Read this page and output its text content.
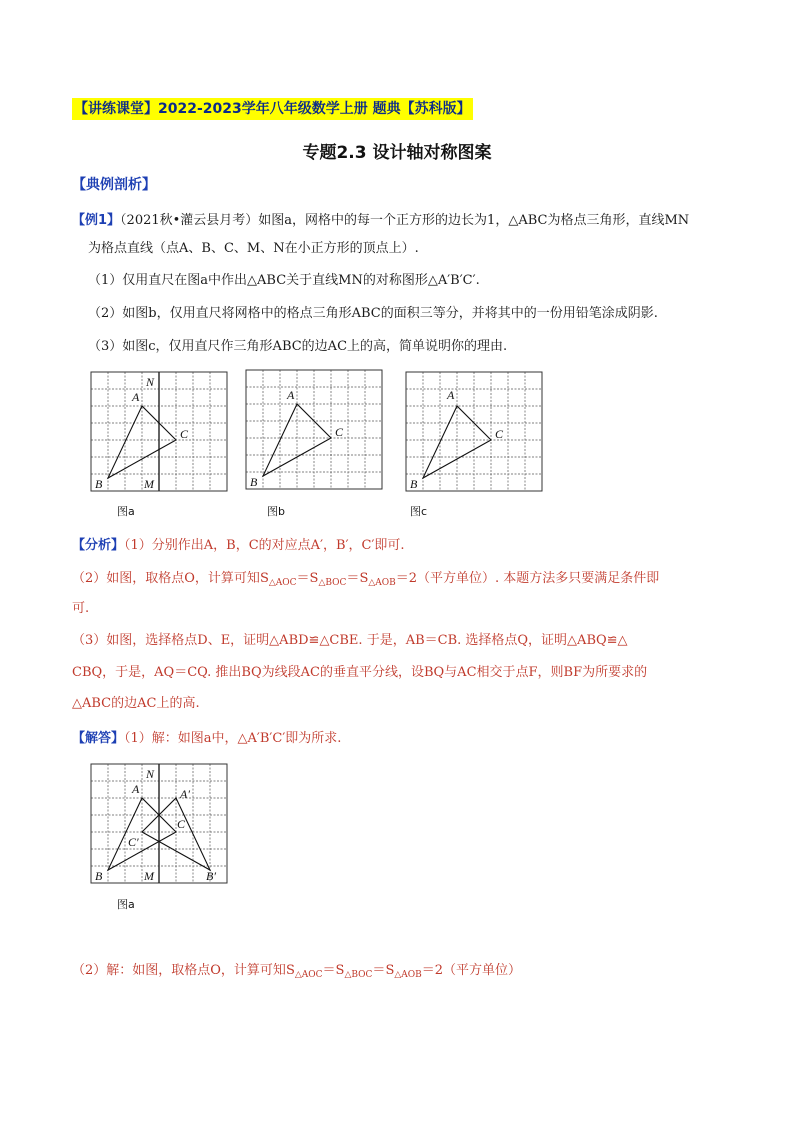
【讲练课堂】2022-2023学年八年级数学上册 题典【苏科版】
专题2.3 设计轴对称图案
【典例剖析】
【例1】（2021秋•灌云县月考）如图a，网格中的每一个正方形的边长为1，△ABC为格点三角形，直线MN
为格点直线（点A、B、C、M、N在小正方形的顶点上）.
（1）仅用直尺在图a中作出△ABC关于直线MN的对称图形△A′B′C′.
（2）如图b，仅用直尺将网格中的格点三角形ABC的面积三等分，并将其中的一份用铅笔涂成阴影.
（3）如图c，仅用直尺作三角形ABC的边AC上的高，简单说明你的理由.
A
N
C
B	M
图a
A
C
B
图b
A
C
B
图c
【分析】（1）分别作出A，B，C的对应点A′，B′，C′即可.
（2）如图，取格点O，计算可知$S_{\triangle AOC}=S_{\triangle BOC}=S_{\triangle AOB}=2$（平方单位）. 本题方法多只要满足条件即
可.
（3）如图，选择格点D、E，证明△ABD≌△CBE. 于是，AB＝CB. 选择格点Q，证明△ABQ≌△
CBQ，于是，AQ＝CQ. 推出BQ为线段AC的垂直平分线，设BQ与AC相交于点F，则BF为所要求的
△ABC的边AC上的高.
【解答】（1）解：如图a中，△A′B′C′即为所求.
A
N
A′
C
C′
B	M	B′
图a
（2）解：如图，取格点O，计算可知$S_{\triangle AOC}=S_{\triangle BOC}=S_{\triangle AOB}=2$（平方单位）
